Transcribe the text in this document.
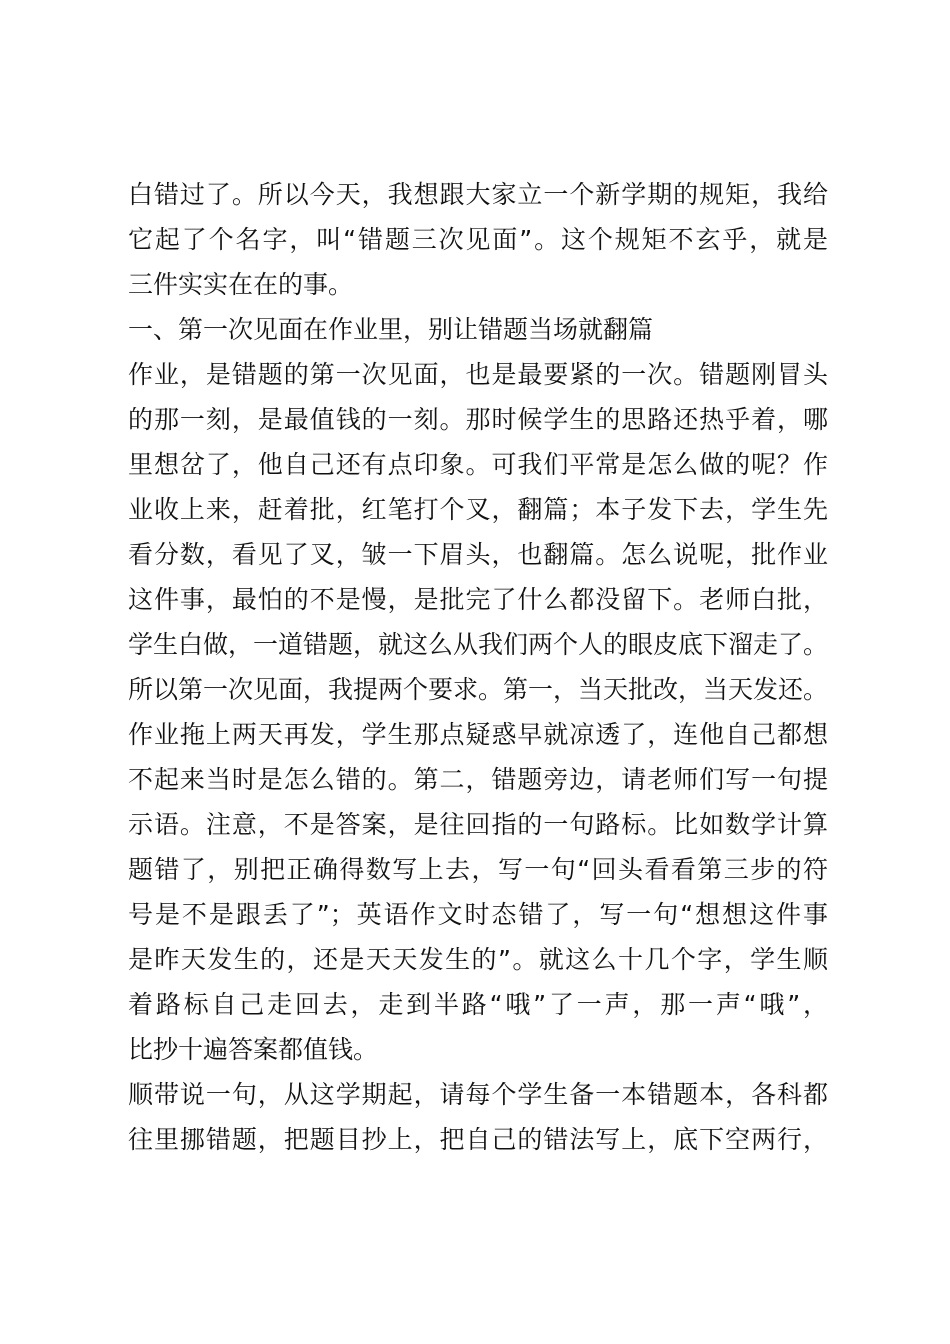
白错过了。所以今天，我想跟大家立一个新学期的规矩，我给
它起了个名字，叫“错题三次见面”。这个规矩不玄乎，就是
三件实实在在的事。
一、第一次见面在作业里，别让错题当场就翻篇
作业，是错题的第一次见面，也是最要紧的一次。错题刚冒头
的那一刻，是最值钱的一刻。那时候学生的思路还热乎着，哪
里想岔了，他自己还有点印象。可我们平常是怎么做的呢？作
业收上来，赶着批，红笔打个叉，翻篇；本子发下去，学生先
看分数，看见了叉，皱一下眉头，也翻篇。怎么说呢，批作业
这件事，最怕的不是慢，是批完了什么都没留下。老师白批，
学生白做，一道错题，就这么从我们两个人的眼皮底下溜走了。
所以第一次见面，我提两个要求。第一，当天批改，当天发还。
作业拖上两天再发，学生那点疑惑早就凉透了，连他自己都想
不起来当时是怎么错的。第二，错题旁边，请老师们写一句提
示语。注意，不是答案，是往回指的一句路标。比如数学计算
题错了，别把正确得数写上去，写一句“回头看看第三步的符
号是不是跟丢了”；英语作文时态错了，写一句“想想这件事
是昨天发生的，还是天天发生的”。就这么十几个字，学生顺
着路标自己走回去，走到半路“哦”了一声，那一声“哦”，
比抄十遍答案都值钱。
顺带说一句，从这学期起，请每个学生备一本错题本，各科都
往里挪错题，把题目抄上，把自己的错法写上，底下空两行，
